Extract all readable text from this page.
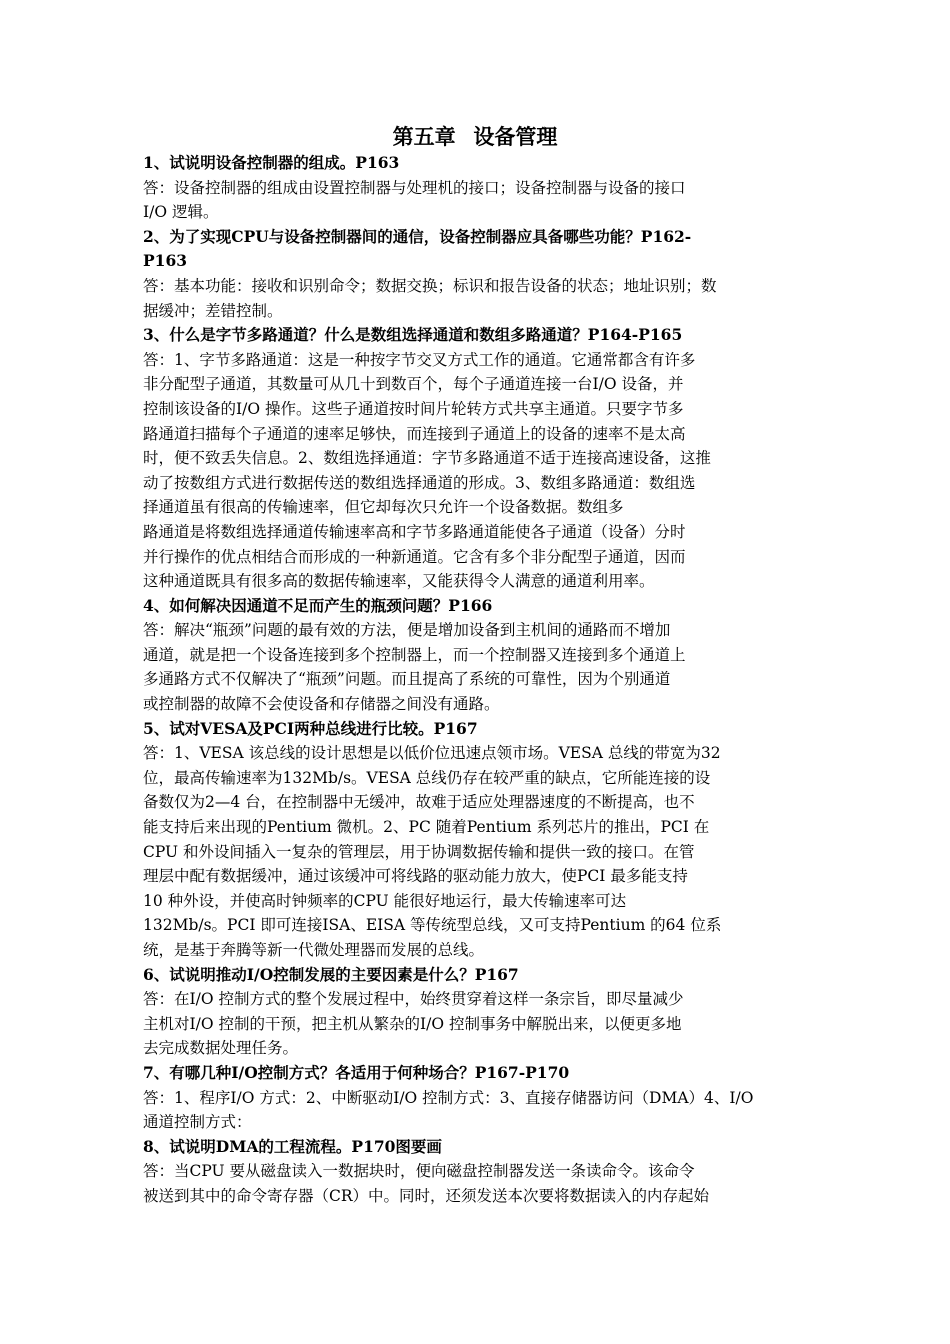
第五章 设备管理
1、试说明设备控制器的组成。P163
答：设备控制器的组成由设置控制器与处理机的接口；设备控制器与设备的接口
I/O 逻辑。
2、为了实现CPU与设备控制器间的通信，设备控制器应具备哪些功能？P162-
P163
答：基本功能：接收和识别命令；数据交换；标识和报告设备的状态；地址识别；数
据缓冲；差错控制。
3、什么是字节多路通道？什么是数组选择通道和数组多路通道？P164-P165
答：1、字节多路通道：这是一种按字节交叉方式工作的通道。它通常都含有许多
非分配型子通道，其数量可从几十到数百个，每个子通道连接一台I/O 设备，并
控制该设备的I/O 操作。这些子通道按时间片轮转方式共享主通道。只要字节多
路通道扫描每个子通道的速率足够快，而连接到子通道上的设备的速率不是太高
时，便不致丢失信息。2、数组选择通道：字节多路通道不适于连接高速设备，这推
动了按数组方式进行数据传送的数组选择通道的形成。3、数组多路通道：数组选
择通道虽有很高的传输速率，但它却每次只允许一个设备数据。数组多
路通道是将数组选择通道传输速率高和字节多路通道能使各子通道（设备）分时
并行操作的优点相结合而形成的一种新通道。它含有多个非分配型子通道，因而
这种通道既具有很多高的数据传输速率，又能获得令人满意的通道利用率。
4、如何解决因通道不足而产生的瓶颈问题？P166
答：解决“瓶颈”问题的最有效的方法，便是增加设备到主机间的通路而不增加
通道，就是把一个设备连接到多个控制器上，而一个控制器又连接到多个通道上
多通路方式不仅解决了“瓶颈”问题。而且提高了系统的可靠性，因为个别通道
或控制器的故障不会使设备和存储器之间没有通路。
5、试对VESA及PCI两种总线进行比较。P167
答：1、VESA 该总线的设计思想是以低价位迅速点领市场。VESA 总线的带宽为32
位，最高传输速率为132Mb/s。VESA 总线仍存在较严重的缺点，它所能连接的设
备数仅为2—4 台，在控制器中无缓冲，故难于适应处理器速度的不断提高，也不
能支持后来出现的Pentium 微机。2、PC 随着Pentium 系列芯片的推出，PCI 在
CPU 和外设间插入一复杂的管理层，用于协调数据传输和提供一致的接口。在管
理层中配有数据缓冲，通过该缓冲可将线路的驱动能力放大，使PCI 最多能支持
10 种外设，并使高时钟频率的CPU 能很好地运行，最大传输速率可达
132Mb/s。PCI 即可连接ISA、EISA 等传统型总线，又可支持Pentium 的64 位系
统，是基于奔腾等新一代微处理器而发展的总线。
6、试说明推动I/O控制发展的主要因素是什么？P167
答：在I/O 控制方式的整个发展过程中，始终贯穿着这样一条宗旨，即尽量减少
主机对I/O 控制的干预，把主机从繁杂的I/O 控制事务中解脱出来，以便更多地
去完成数据处理任务。
7、有哪几种I/O控制方式？各适用于何种场合？P167-P170
答：1、程序I/O 方式：2、中断驱动I/O 控制方式：3、直接存储器访问（DMA）4、I/O
通道控制方式：
8、试说明DMA的工程流程。P170图要画
答：当CPU 要从磁盘读入一数据块时，便向磁盘控制器发送一条读命令。该命令
被送到其中的命令寄存器（CR）中。同时，还须发送本次要将数据读入的内存起始
